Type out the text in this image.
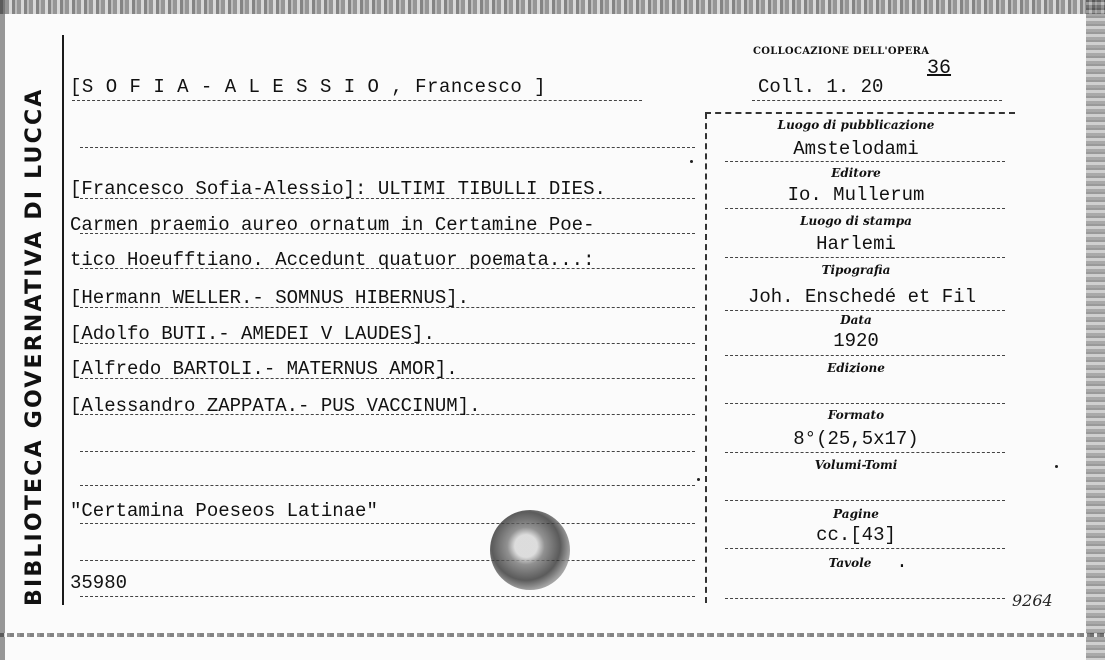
BIBLIOTECA GOVERNATIVA DI LUCCA
COLLOCAZIONE DELL'OPERA
Coll. 1. 20
36
[S O F I A - A L E S S I O , Francesco ]
[Francesco Sofia-Alessio]: ULTIMI TIBULLI DIES.
Carmen praemio aureo ornatum in Certamine Poe-
tico Hoeufftiano. Accedunt quatuor poemata...:
[Hermann WELLER.- SOMNUS HIBERNUS].
[Adolfo BUTI.- AMEDEI V LAUDES].
[Alfredo BARTOLI.- MATERNUS AMOR].
[Alessandro ZAPPATA.- PUS VACCINUM].
"Certamina Poeseos Latinae"
35980
Luogo di pubblicazione
Amstelodami
Editore
Io. Mullerum
Luogo di stampa
Harlemi
Tipografia
Joh. Enschedé et Fil
Data
1920
Edizione
Formato
8°(25,5x17)
Volumi-Tomi
Pagine
cc.[43]
Tavole	.
9264
